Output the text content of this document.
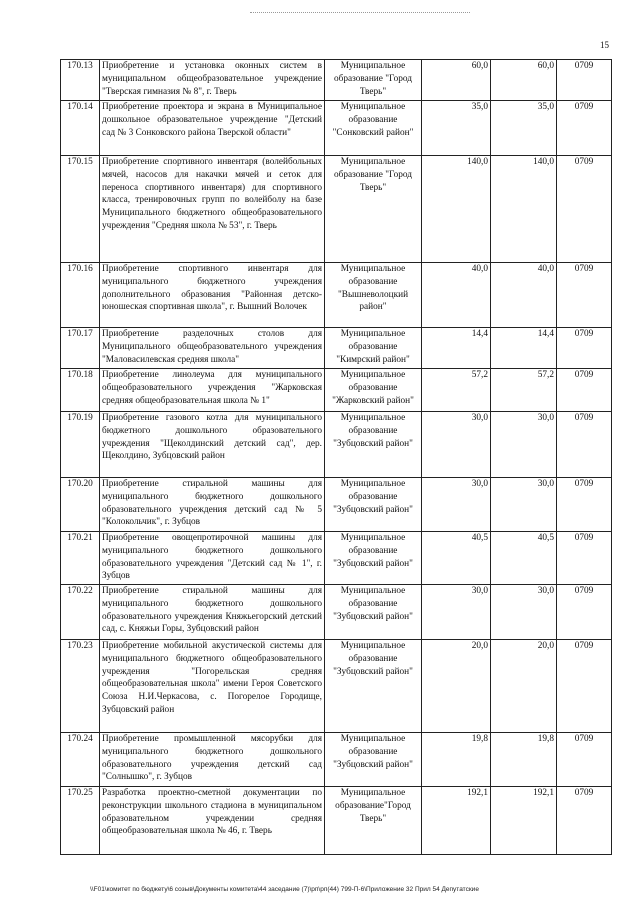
15
170.13	Приобретение и установка оконных систем в муниципальном общеобразовательное учреждение "Тверская гимназия № 8", г. Тверь	Муниципальное образование "Город Тверь"	60,0	60,0	0709
170.14	Приобретение проектора и экрана в Муниципальное дошкольное образовательное учреждение "Детский сад № 3 Сонковского района Тверской области"	Муниципальное образование "Сонковский район"	35,0	35,0	0709
170.15	Приобретение спортивного инвентаря (волейбольных мячей, насосов для накачки мячей и сеток для переноса спортивного инвентаря) для спортивного класса, тренировочных групп по волейболу на базе Муниципального бюджетного общеобразовательного учреждения "Средняя школа № 53", г. Тверь	Муниципальное образование "Город Тверь"	140,0	140,0	0709
170.16	Приобретение спортивного инвентаря для муниципального бюджетного учреждения дополнительного образования "Районная детско-юношеская спортивная школа", г. Вышний Волочек	Муниципальное образование "Вышневолоцкий район"	40,0	40,0	0709
170.17	Приобретение разделочных столов для Муниципального общеобразовательного учреждения "Маловасилевская средняя школа"	Муниципальное образование "Кимрский район"	14,4	14,4	0709
170.18	Приобретение линолеума для муниципального общеобразовательного учреждения "Жарковская средняя общеобразовательная школа № 1"	Муниципальное образование "Жарковский район"	57,2	57,2	0709
170.19	Приобретение газового котла для муниципального бюджетного дошкольного образовательного учреждения "Щеколдинский детский сад", дер. Щеколдино, Зубцовский район	Муниципальное образование "Зубцовский район"	30,0	30,0	0709
170.20	Приобретение стиральной машины для муниципального бюджетного дошкольного образовательного учреждения детский сад № 5 "Колокольчик", г. Зубцов	Муниципальное образование "Зубцовский район"	30,0	30,0	0709
170.21	Приобретение овощепротирочной машины для муниципального бюджетного дошкольного образовательного учреждения "Детский сад № 1", г. Зубцов	Муниципальное образование "Зубцовский район"	40,5	40,5	0709
170.22	Приобретение стиральной машины для муниципального бюджетного дошкольного образовательного учреждения Княжьегорский детский сад, с. Княжьи Горы, Зубцовский район	Муниципальное образование "Зубцовский район"	30,0	30,0	0709
170.23	Приобретение мобильной акустической системы для муниципального бюджетного общеобразовательного учреждения "Погорельская средняя общеобразовательная школа" имени Героя Советского Союза Н.И.Черкасова, с. Погорелое Городище, Зубцовский район	Муниципальное образование "Зубцовский район"	20,0	20,0	0709
170.24	Приобретение промышленной мясорубки для муниципального бюджетного дошкольного образовательного учреждения детский сад "Солнышко", г. Зубцов	Муниципальное образование "Зубцовский район"	19,8	19,8	0709
170.25	Разработка проектно-сметной документации по реконструкции школьного стадиона в муниципальном образовательном учреждении средняя общеобразовательная школа № 46, г. Тверь	Муниципальное образование"Город Тверь"	192,1	192,1	0709
\\F01\комитет по бюджету\6 созыв\Документы комитета\44 заседание (7)\рп\рп(44) 799-П-6\Приложение 32 Прил 54 Депутатские
